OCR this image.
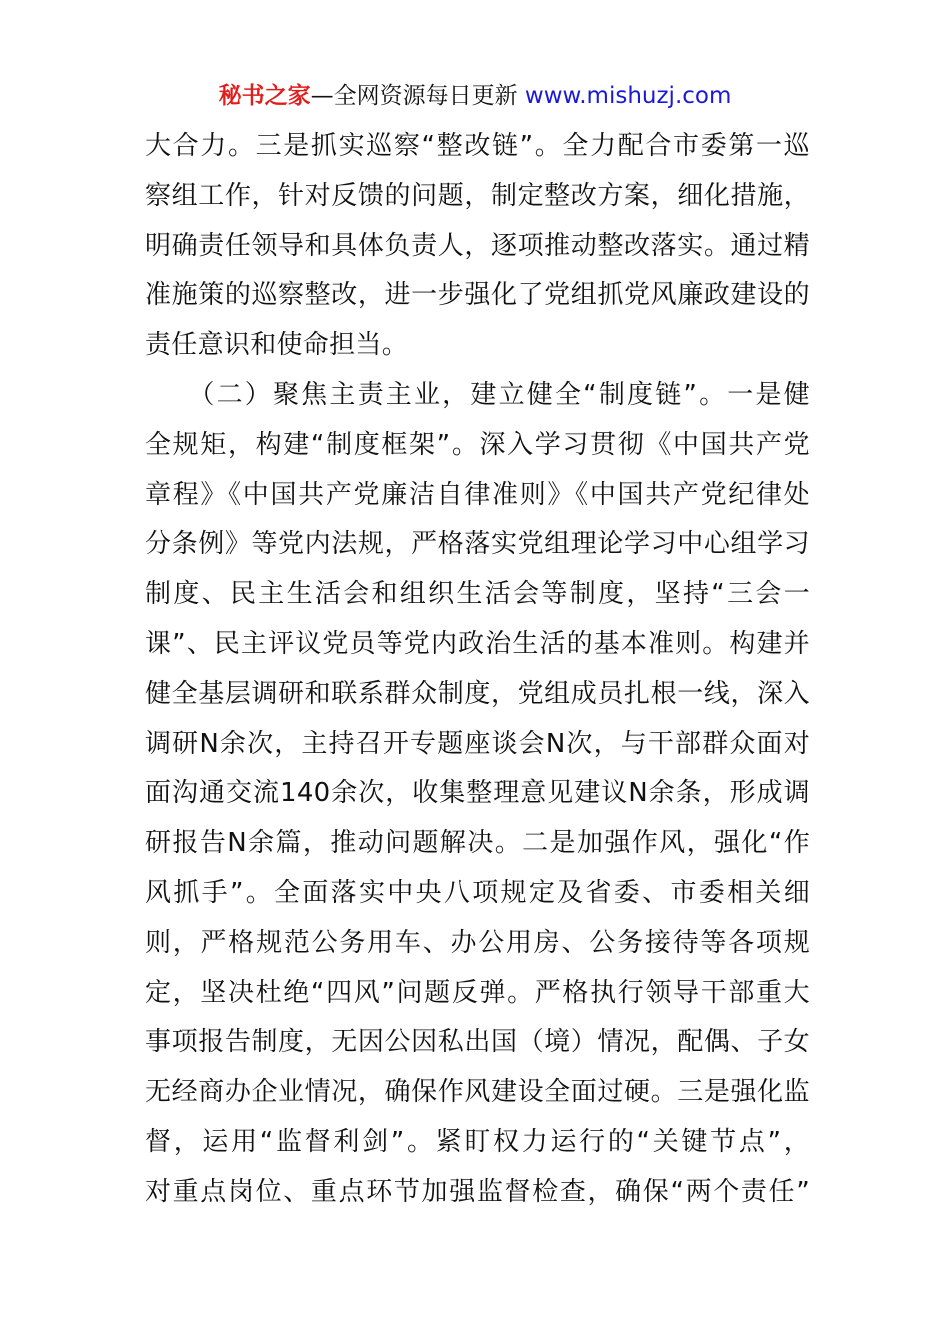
秘书之家—全网资源每日更新 www.mishuzj.com
大合力。三是抓实巡察“整改链”。全力配合市委第一巡
察组工作，针对反馈的问题，制定整改方案，细化措施，
明确责任领导和具体负责人，逐项推动整改落实。通过精
准施策的巡察整改，进一步强化了党组抓党风廉政建设的
责任意识和使命担当。
　　（二）聚焦主责主业，建立健全“制度链”。一是健
全规矩，构建“制度框架”。深入学习贯彻《中国共产党
章程》《中国共产党廉洁自律准则》《中国共产党纪律处
分条例》等党内法规，严格落实党组理论学习中心组学习
制度、民主生活会和组织生活会等制度，坚持“三会一
课”、民主评议党员等党内政治生活的基本准则。构建并
健全基层调研和联系群众制度，党组成员扎根一线，深入
调研N余次，主持召开专题座谈会N次，与干部群众面对
面沟通交流140余次，收集整理意见建议N余条，形成调
研报告N余篇，推动问题解决。二是加强作风，强化“作
风抓手”。全面落实中央八项规定及省委、市委相关细
则，严格规范公务用车、办公用房、公务接待等各项规
定，坚决杜绝“四风”问题反弹。严格执行领导干部重大
事项报告制度，无因公因私出国（境）情况，配偶、子女
无经商办企业情况，确保作风建设全面过硬。三是强化监
督，运用“监督利剑”。紧盯权力运行的“关键节点”，
对重点岗位、重点环节加强监督检查，确保“两个责任”
